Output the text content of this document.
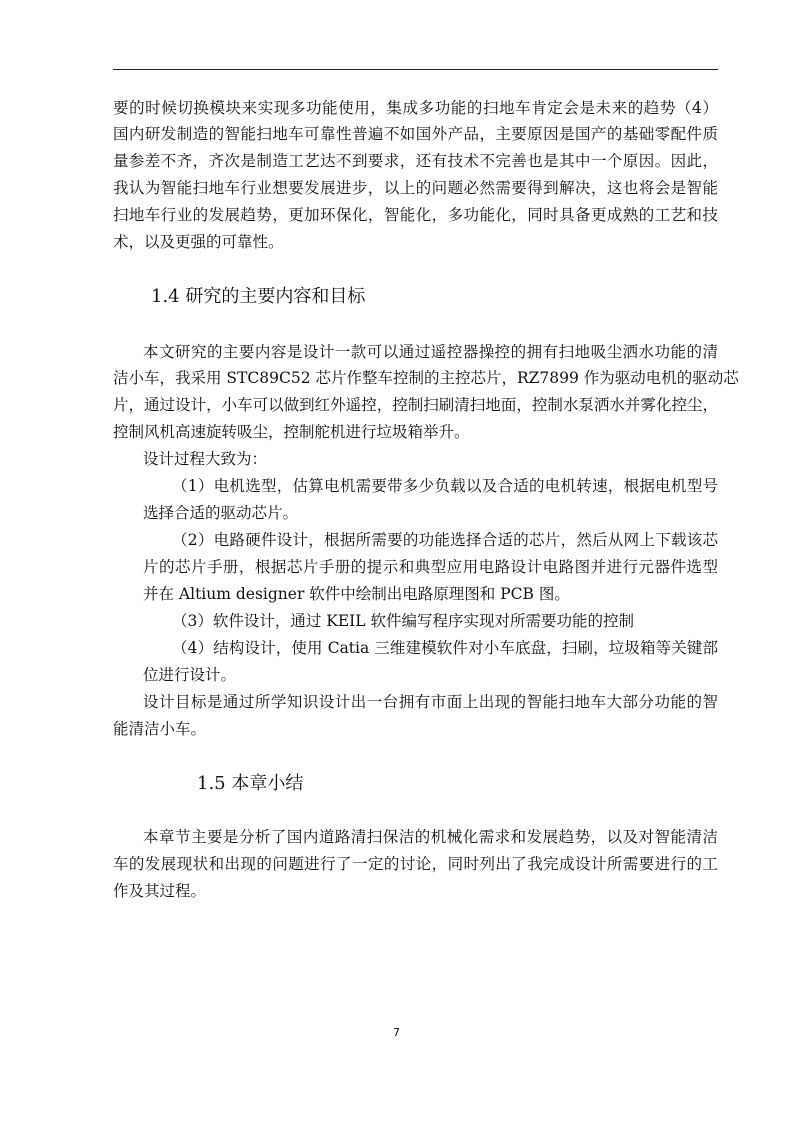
要的时候切换模块来实现多功能使用，集成多功能的扫地车肯定会是未来的趋势（4）
国内研发制造的智能扫地车可靠性普遍不如国外产品，主要原因是国产的基础零配件质
量参差不齐，齐次是制造工艺达不到要求，还有技术不完善也是其中一个原因。因此，
我认为智能扫地车行业想要发展进步，以上的问题必然需要得到解决，这也将会是智能
扫地车行业的发展趋势，更加环保化，智能化，多功能化，同时具备更成熟的工艺和技
术，以及更强的可靠性。
1.4 研究的主要内容和目标
本文研究的主要内容是设计一款可以通过遥控器操控的拥有扫地吸尘洒水功能的清
洁小车，我采用 STC89C52 芯片作整车控制的主控芯片，RZ7899 作为驱动电机的驱动芯
片，通过设计，小车可以做到红外遥控，控制扫刷清扫地面，控制水泵洒水并雾化控尘，
控制风机高速旋转吸尘，控制舵机进行垃圾箱举升。
设计过程大致为：
（1）电机选型，估算电机需要带多少负载以及合适的电机转速，根据电机型号
选择合适的驱动芯片。
（2）电路硬件设计，根据所需要的功能选择合适的芯片，然后从网上下载该芯
片的芯片手册，根据芯片手册的提示和典型应用电路设计电路图并进行元器件选型
并在 Altium designer 软件中绘制出电路原理图和 PCB 图。
（3）软件设计，通过 KEIL 软件编写程序实现对所需要功能的控制
（4）结构设计，使用 Catia 三维建模软件对小车底盘，扫刷，垃圾箱等关键部
位进行设计。
设计目标是通过所学知识设计出一台拥有市面上出现的智能扫地车大部分功能的智
能清洁小车。
1.5 本章小结
本章节主要是分析了国内道路清扫保洁的机械化需求和发展趋势，以及对智能清洁
车的发展现状和出现的问题进行了一定的讨论，同时列出了我完成设计所需要进行的工
作及其过程。
7
